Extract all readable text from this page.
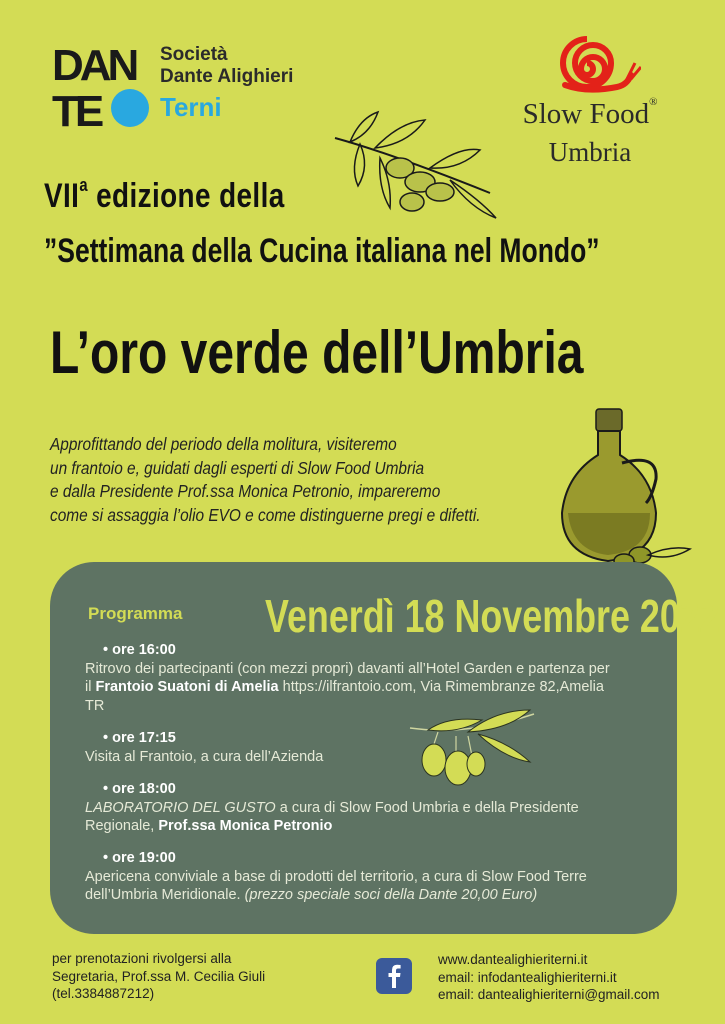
DAN
TE
Società
Dante Alighieri
Terni	Slow Food®
Umbria
VII$^a$ edizione della
”Settimana della Cucina italiana nel Mondo”
L’oro verde dell’Umbria
Approfittando del periodo della molitura, visiteremo
un frantoio e, guidati dagli esperti di Slow Food Umbria
e dalla Presidente Prof.ssa Monica Petronio, impareremo
come si assaggia l’olio EVO e come distinguerne pregi e difetti.
Programma Venerdì 18 Novembre 2022
• ore 16:00
Ritrovo dei partecipanti (con mezzi propri) davanti all’Hotel Garden e partenza per
il Frantoio Suatoni di Amelia https://ilfrantoio.com, Via Rimembranze 82,Amelia
TR
• ore 17:15
Visita al Frantoio, a cura dell’Azienda
• ore 18:00
LABORATORIO DEL GUSTO a cura di Slow Food Umbria e della Presidente
Regionale, Prof.ssa Monica Petronio
• ore 19:00
Apericena conviviale a base di prodotti del territorio, a cura di Slow Food Terre
dell’Umbria Meridionale. (prezzo speciale soci della Dante 20,00 Euro)
per prenotazioni rivolgersi alla
Segretaria, Prof.ssa M. Cecilia Giuli
(tel.3384887212)
www.dantealighieriterni.it
email: infodantealighieriterni.it
email: dantealighieriterni@gmail.com
